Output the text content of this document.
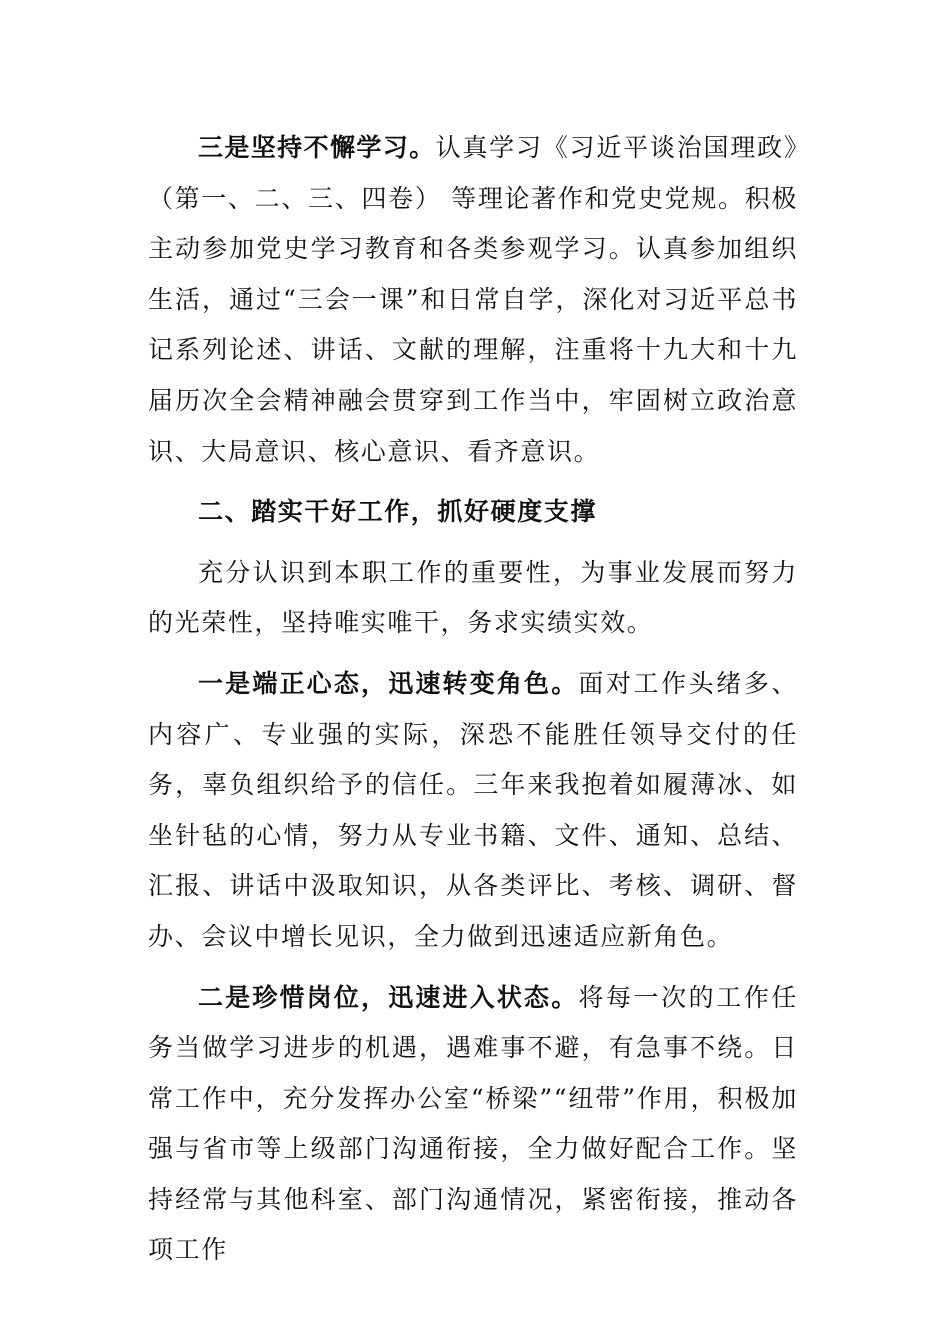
三是坚持不懈学习。认真学习《习近平谈治国理政》（第一、二、三、四卷） 等理论著作和党史党规。积极主动参加党史学习教育和各类参观学习。认真参加组织生活，通过“三会一课”和日常自学，深化对习近平总书记系列论述、讲话、文献的理解，注重将十九大和十九届历次全会精神融会贯穿到工作当中，牢固树立政治意识、大局意识、核心意识、看齐意识。

二、踏实干好工作，抓好硬度支撑

充分认识到本职工作的重要性，为事业发展而努力的光荣性，坚持唯实唯干，务求实绩实效。

一是端正心态，迅速转变角色。面对工作头绪多、内容广、专业强的实际，深恐不能胜任领导交付的任务，辜负组织给予的信任。三年来我抱着如履薄冰、如坐针毡的心情，努力从专业书籍、文件、通知、总结、汇报、讲话中汲取知识，从各类评比、考核、调研、督办、会议中增长见识，全力做到迅速适应新角色。

二是珍惜岗位，迅速进入状态。将每一次的工作任务当做学习进步的机遇，遇难事不避，有急事不绕。日常工作中，充分发挥办公室“桥梁”“纽带”作用，积极加强与省市等上级部门沟通衔接，全力做好配合工作。坚持经常与其他科室、部门沟通情况，紧密衔接，推动各项工作
